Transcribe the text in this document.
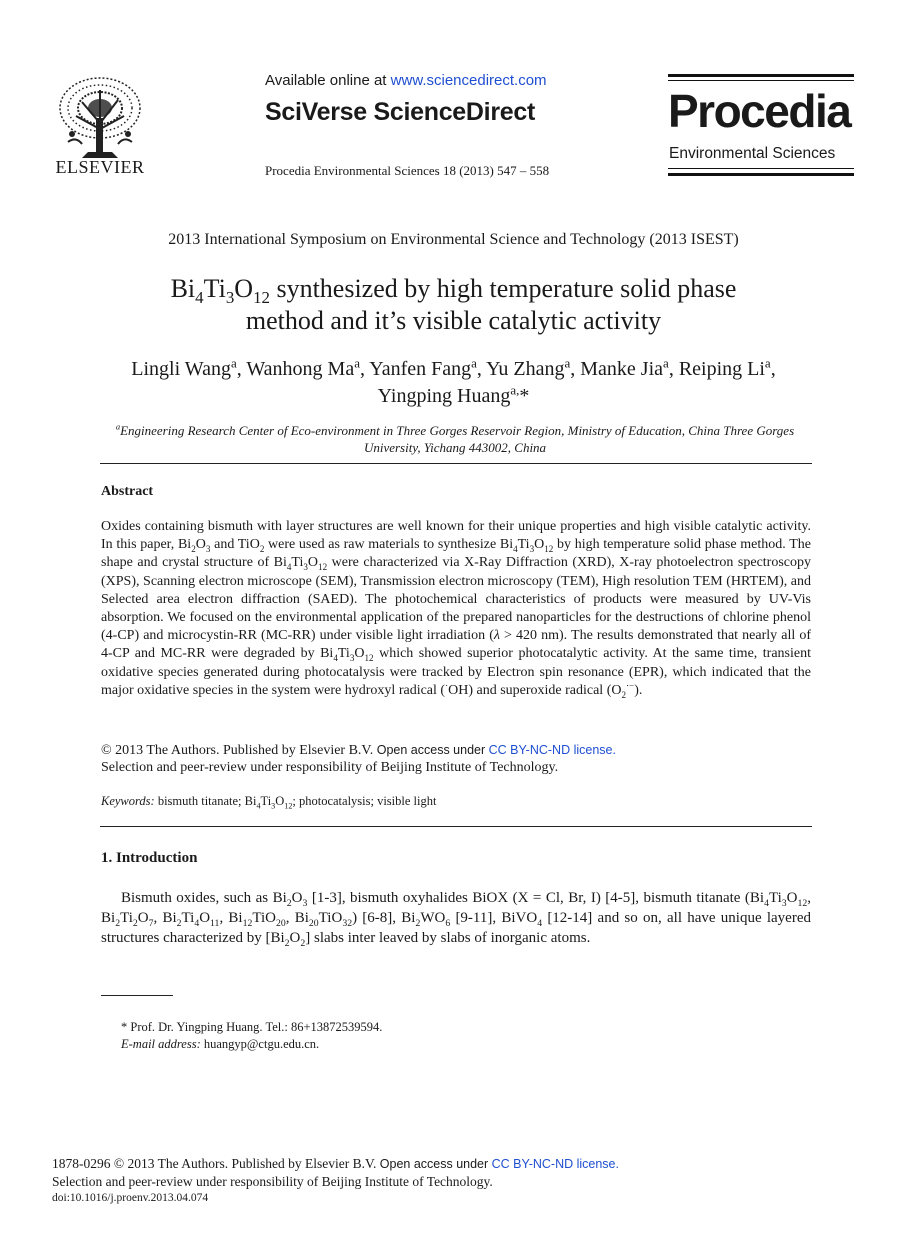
ELSEVIER
Available online at www.sciencedirect.com
SciVerse ScienceDirect
Procedia Environmental Sciences 18 (2013) 547 – 558
Procedia
Environmental Sciences
2013 International Symposium on Environmental Science and Technology (2013 ISEST)
$Bi_4Ti_3O_{12}$ synthesized by high temperature solid phase
method and it’s visible catalytic activity
Lingli Wang$^a$, Wanhong Ma$^a$, Yanfen Fang$^a$, Yu Zhang$^a$, Manke Jia$^a$, Reiping Li$^a$,
Yingping Huang$^{a,}$*
$^a$Engineering Research Center of Eco-environment in Three Gorges Reservoir Region, Ministry of Education, China Three Gorges
University, Yichang 443002, China
Abstract
Oxides containing bismuth with layer structures are well known for their unique properties and high visible catalytic activity. In this paper, $Bi_2O_3$ and TiO$_2$ were used as raw materials to synthesize $Bi_4Ti_3O_{12}$ by high temperature solid phase method. The shape and crystal structure of $Bi_4Ti_3O_{12}$ were characterized via X-Ray Diffraction (XRD), X-ray photoelectron spectroscopy (XPS), Scanning electron microscope (SEM), Transmission electron microscopy (TEM), High resolution TEM (HRTEM), and Selected area electron diffraction (SAED). The photochemical characteristics of products were measured by UV-Vis absorption. We focused on the environmental application of the prepared nanoparticles for the destructions of chlorine phenol (4-CP) and microcystin-RR (MC-RR) under visible light irradiation (λ > 420 nm). The results demonstrated that nearly all of 4-CP and MC-RR were degraded by $Bi_4Ti_3O_{12}$ which showed superior photocatalytic activity. At the same time, transient oxidative species generated during photocatalysis were tracked by Electron spin resonance (EPR), which indicated that the major oxidative species in the system were hydroxyl radical (·OH) and superoxide radical $(O_2^{\cdot-})$.
© 2013 The Authors. Published by Elsevier B.V. Open access under CC BY-NC-ND license.
Selection and peer-review under responsibility of Beijing Institute of Technology.
Keywords: bismuth titanate; $Bi_4Ti_3O_{12}$; photocatalysis; visible light
1. Introduction
Bismuth oxides, such as $Bi_2O_3$ [1-3], bismuth oxyhalides BiOX (X = Cl, Br, I) [4-5], bismuth titanate ($Bi_4Ti_3O_{12}$, $Bi_2Ti_2O_7$, $Bi_2Ti_4O_{11}$, $Bi_{12}TiO_{20}$, $Bi_{20}TiO_{32}$) [6-8], $Bi_2WO_6$ [9-11], BiVO$_4$ [12-14] and so on, all have unique layered structures characterized by $[Bi_2O_2]$ slabs inter leaved by slabs of inorganic atoms.
* Prof. Dr. Yingping Huang. Tel.: 86+13872539594.
E-mail address: huangyp@ctgu.edu.cn.
1878-0296 © 2013 The Authors. Published by Elsevier B.V. Open access under CC BY-NC-ND license.
Selection and peer-review under responsibility of Beijing Institute of Technology.
doi:10.1016/j.proenv.2013.04.074
